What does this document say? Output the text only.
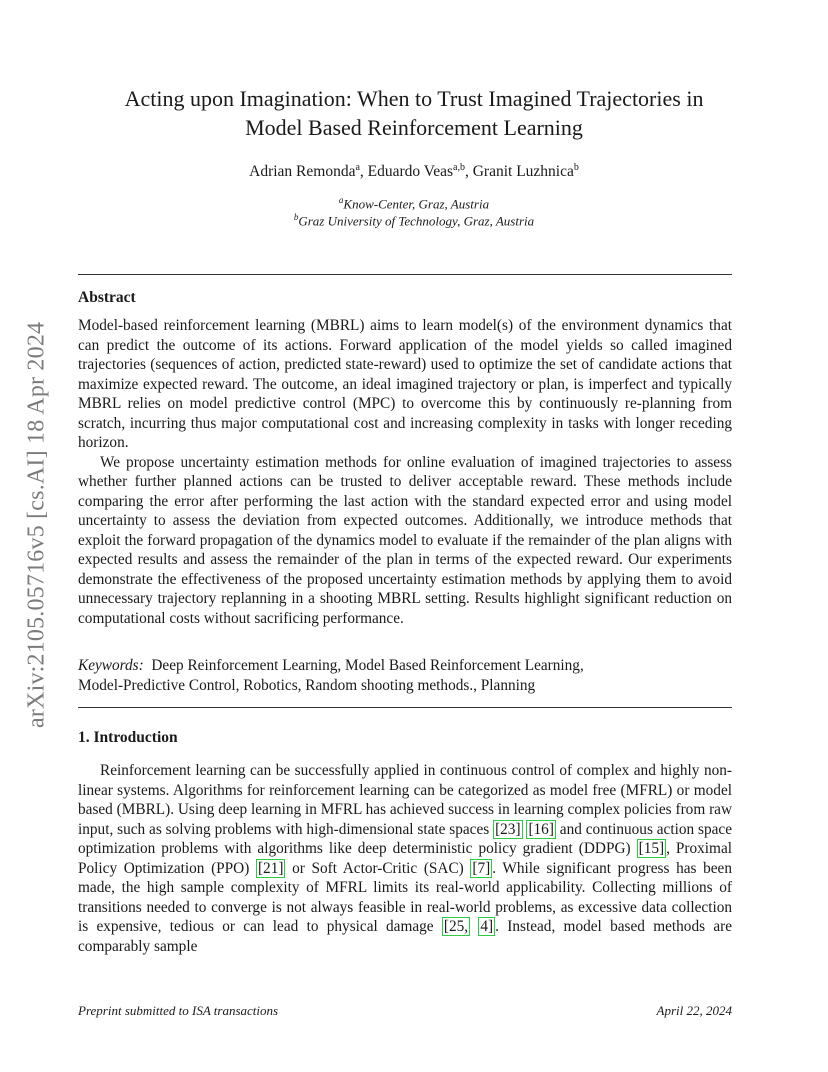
arXiv:2105.05716v5 [cs.AI] 18 Apr 2024
Acting upon Imagination: When to Trust Imagined Trajectories in
Model Based Reinforcement Learning
Adrian Remonda$^a$, Eduardo Veas$^{a,b}$, Granit Luzhnica$^b$
$^a$Know-Center, Graz, Austria
$^b$Graz University of Technology, Graz, Austria
Abstract

Model-based reinforcement learning (MBRL) aims to learn model(s) of the environment dynamics that can predict the outcome of its actions. Forward application of the model yields so called imagined trajectories (sequences of action, predicted state-reward) used to optimize the set of candidate actions that maximize expected reward. The outcome, an ideal imagined trajectory or plan, is imperfect and typically MBRL relies on model predictive control (MPC) to overcome this by continuously re-planning from scratch, incurring thus major computational cost and increasing complexity in tasks with longer receding horizon.

We propose uncertainty estimation methods for online evaluation of imagined trajectories to assess whether further planned actions can be trusted to deliver acceptable reward. These methods include comparing the error after performing the last action with the standard expected error and using model uncertainty to assess the deviation from expected outcomes. Additionally, we introduce methods that exploit the forward propagation of the dynamics model to evaluate if the remainder of the plan aligns with expected results and assess the remainder of the plan in terms of the expected reward. Our experiments demonstrate the effectiveness of the proposed uncertainty estimation methods by applying them to avoid unnecessary trajectory replanning in a shooting MBRL setting. Results highlight significant reduction on computational costs without sacrificing performance.

Keywords: Deep Reinforcement Learning, Model Based Reinforcement Learning,
Model-Predictive Control, Robotics, Random shooting methods., Planning
1. Introduction

Reinforcement learning can be successfully applied in continuous control of complex and highly non-linear systems. Algorithms for reinforcement learning can be categorized as model free (MFRL) or model based (MBRL). Using deep learning in MFRL has achieved success in learning complex policies from raw input, such as solving problems with high-dimensional state spaces [23] [16] and continuous action space optimization problems with algorithms like deep deterministic policy gradient (DDPG) [15] , Proximal Policy Optimization (PPO) [21] or Soft Actor-Critic (SAC) [7] . While significant progress has been made, the high sample complexity of MFRL limits its real-world applicability. Collecting millions of transitions needed to converge is not always feasible in real-world problems, as excessive data collection is expensive, tedious or can lead to physical damage [25, 4] . Instead, model based methods are comparably sample

Preprint submitted to ISA transactions	April 22, 2024
